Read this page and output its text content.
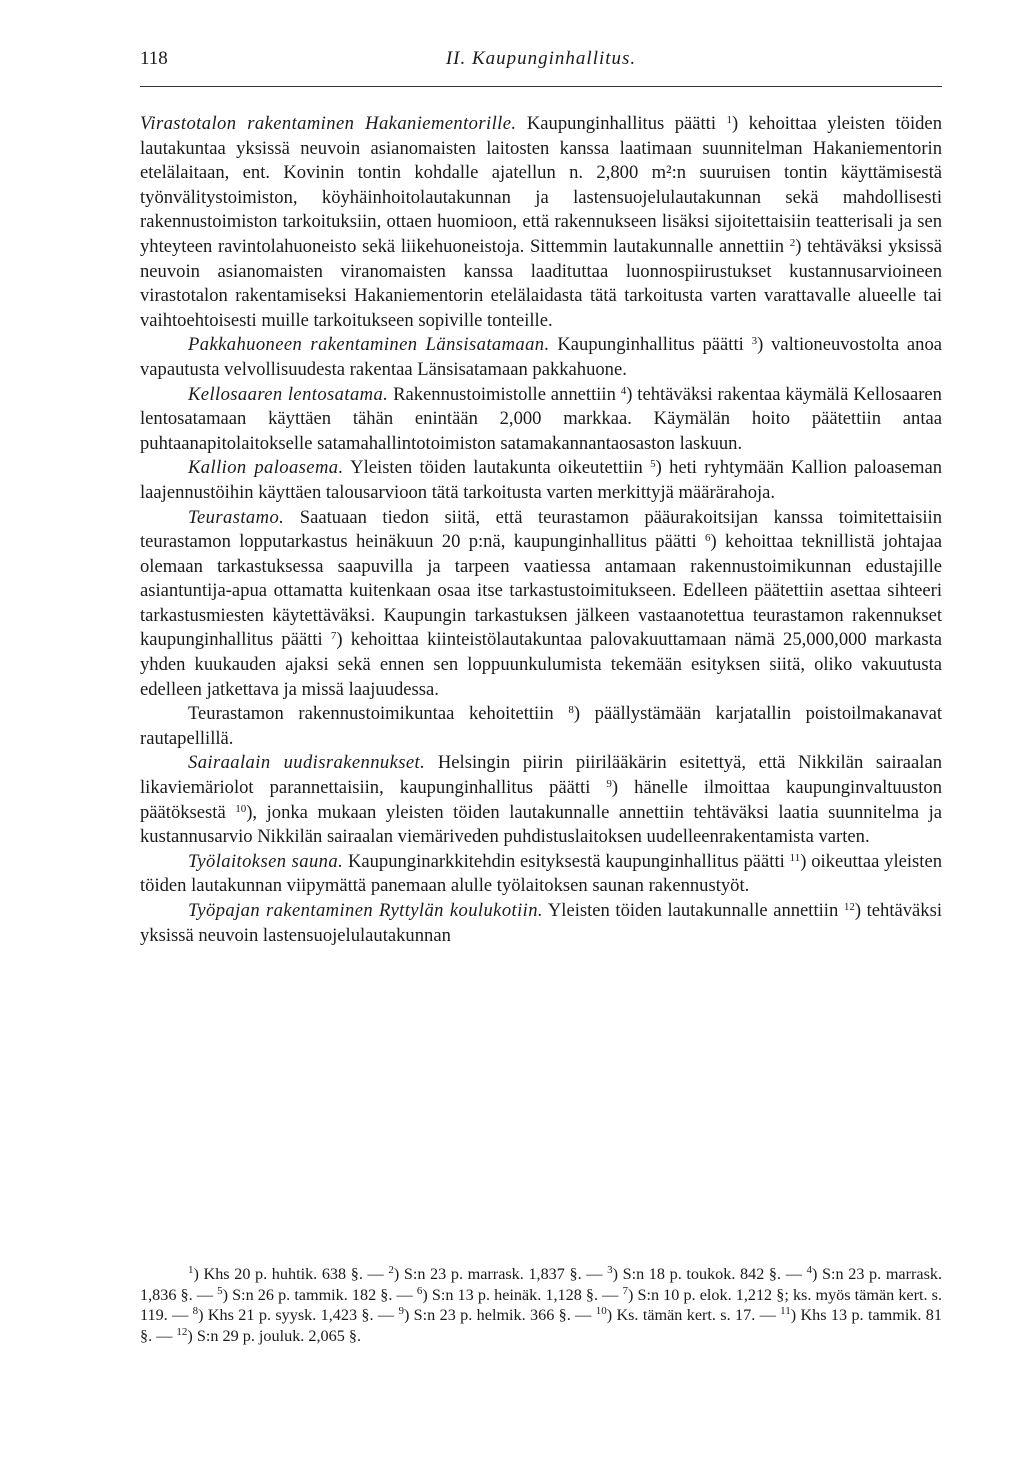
118	II. Kaupunginhallitus.

Virastotalon rakentaminen Hakaniementorille. Kaupunginhallitus päätti $^1$) kehoittaa yleisten töiden lautakuntaa yksissä neuvoin asianomaisten laitosten kanssa laatimaan suunnitelman Hakaniementorin etelälaitaan, ent. Kovinin tontin kohdalle ajatellun n. 2,800 m²:n suuruisen tontin käyttämisestä työnvälitystoimiston, köyhäinhoitolautakunnan ja lastensuojelulautakunnan sekä mahdollisesti rakennustoimiston tarkoituksiin, ottaen huomioon, että rakennukseen lisäksi sijoitettaisiin teatterisali ja sen yhteyteen ravintolahuoneisto sekä liikehuoneistoja. Sittemmin lautakunnalle annettiin $^2$) tehtäväksi yksissä neuvoin asianomaisten viranomaisten kanssa laadituttaa luonnospiirustukset kustannusarvioineen virastotalon rakentamiseksi Hakaniementorin etelälaidasta tätä tarkoitusta varten varattavalle alueelle tai vaihtoehtoisesti muille tarkoitukseen sopiville tonteille.

Pakkahuoneen rakentaminen Länsisatamaan. Kaupunginhallitus päätti $^3$) valtioneuvostolta anoa vapautusta velvollisuudesta rakentaa Länsisatamaan pakkahuone.

Kellosaaren lentosatama. Rakennustoimistolle annettiin $^4$) tehtäväksi rakentaa käymälä Kellosaaren lentosatamaan käyttäen tähän enintään 2,000 markkaa. Käymälän hoito päätettiin antaa puhtaanapitolaitokselle satamahallintotoimiston satamakannantaosaston laskuun.

Kallion paloasema. Yleisten töiden lautakunta oikeutettiin $^5$) heti ryhtymään Kallion paloaseman laajennustöihin käyttäen talousarvioon tätä tarkoitusta varten merkittyjä määrärahoja.

Teurastamo. Saatuaan tiedon siitä, että teurastamon pääurakoitsijan kanssa toimitettaisiin teurastamon lopputarkastus heinäkuun 20 p:nä, kaupunginhallitus päätti $^6$) kehoittaa teknillistä johtajaa olemaan tarkastuksessa saapuvilla ja tarpeen vaatiessa antamaan rakennustoimikunnan edustajille asiantuntija-apua ottamatta kuitenkaan osaa itse tarkastustoimitukseen. Edelleen päätettiin asettaa sihteeri tarkastusmiesten käytettäväksi. Kaupungin tarkastuksen jälkeen vastaanotettua teurastamon rakennukset kaupunginhallitus päätti $^7$) kehoittaa kiinteistölautakuntaa palovakuuttamaan nämä 25,000,000 markasta yhden kuukauden ajaksi sekä ennen sen loppuunkulumista tekemään esityksen siitä, oliko vakuutusta edelleen jatkettava ja missä laajuudessa.

Teurastamon rakennustoimikuntaa kehoitettiin $^8$) päällystämään karjatallin poistoilmakanavat rautapellillä.

Sairaalain uudisrakennukset. Helsingin piirin piirilääkärin esitettyä, että Nikkilän sairaalan likaviemäriolot parannettaisiin, kaupunginhallitus päätti $^9$) hänelle ilmoittaa kaupunginvaltuuston päätöksestä $^{10}$), jonka mukaan yleisten töiden lautakunnalle annettiin tehtäväksi laatia suunnitelma ja kustannusarvio Nikkilän sairaalan viemäriveden puhdistuslaitoksen uudelleenrakentamista varten.

Työlaitoksen sauna. Kaupunginarkkitehdin esityksestä kaupunginhallitus päätti $^{11}$) oikeuttaa yleisten töiden lautakunnan viipymättä panemaan alulle työlaitoksen saunan rakennustyöt.

Työpajan rakentaminen Ryttylän koulukotiin. Yleisten töiden lautakunnalle annettiin $^{12}$) tehtäväksi yksissä neuvoin lastensuojelulautakunnan

$^1$) Khs 20 p. huhtik. 638 §. — $^2$) S:n 23 p. marrask. 1,837 §. — $^3$) S:n 18 p. toukok. 842 §. — $^4$) S:n 23 p. marrask. 1,836 §. — $^5$) S:n 26 p. tammik. 182 §. — $^6$) S:n 13 p. heinäk. 1,128 §. — $^7$) S:n 10 p. elok. 1,212 §; ks. myös tämän kert. s. 119. — $^8$) Khs 21 p. syysk. 1,423 §. — $^9$) S:n 23 p. helmik. 366 §. — $^{10}$) Ks. tämän kert. s. 17. — $^{11}$) Khs 13 p. tammik. 81 §. — $^{12}$) S:n 29 p. jouluk. 2,065 §.
